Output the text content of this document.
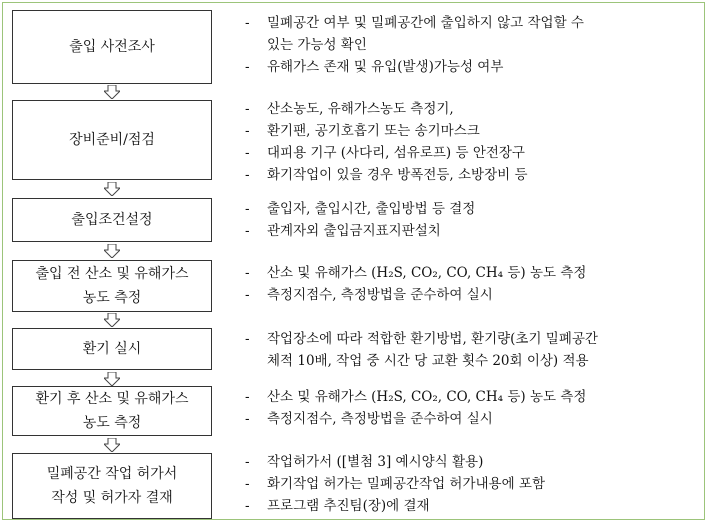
출입 사전조사
-	밀폐공간 여부 및 밀폐공간에 출입하지 않고 작업할 수
있는 가능성 확인
-	유해가스 존재 및 유입(발생)가능성 여부
장비준비/점검
-	산소농도, 유해가스농도 측정기,
-	환기팬, 공기호흡기 또는 송기마스크
-	대피용 기구 (사다리, 섬유로프) 등 안전장구
-	화기작업이 있을 경우 방폭전등, 소방장비 등
출입조건설정
-	출입자, 출입시간, 출입방법 등 결정
-	관계자외 출입금지표지판설치
출입 전 산소 및 유해가스
농도 측정
-	산소 및 유해가스 (H₂S, CO₂, CO, CH₄ 등) 농도 측정
-	측정지점수, 측정방법을 준수하여 실시
환기 실시
-	작업장소에 따라 적합한 환기방법, 환기량(초기 밀폐공간
체적 10배, 작업 중 시간 당 교환 횟수 20회 이상) 적용
환기 후 산소 및 유해가스
농도 측정
-	산소 및 유해가스 (H₂S, CO₂, CO, CH₄ 등) 농도 측정
-	측정지점수, 측정방법을 준수하여 실시
밀폐공간 작업 허가서
작성 및 허가자 결재
-	작업허가서 ([별첨 3] 예시양식 활용)
-	화기작업 허가는 밀폐공간작업 허가내용에 포함
-	프로그램 추진팀(장)에 결재
